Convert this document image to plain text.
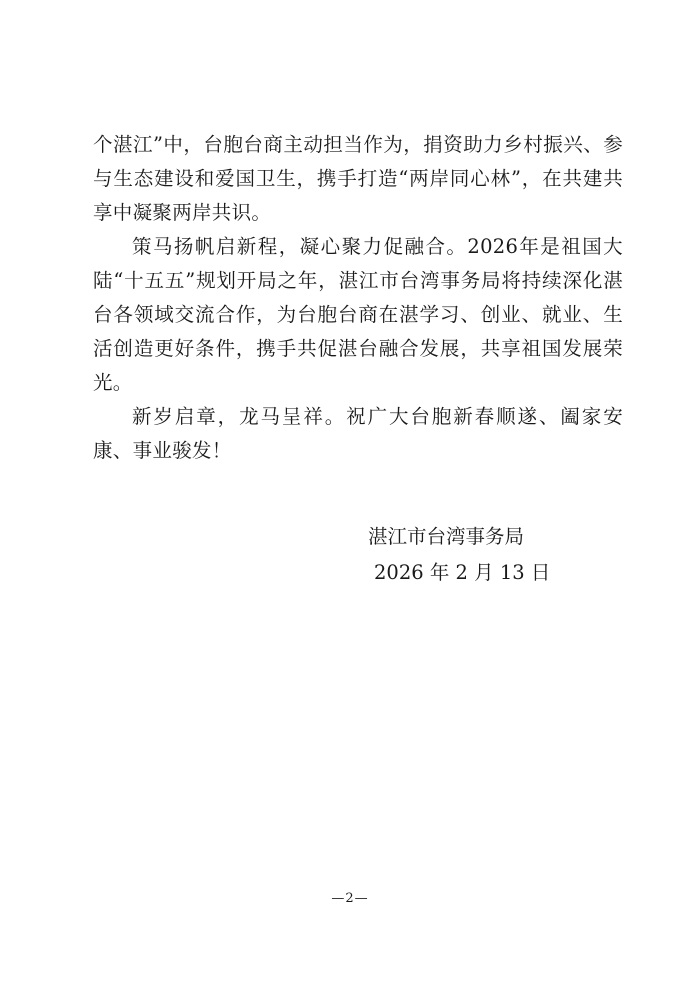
个湛江”中，台胞台商主动担当作为，捐资助力乡村振兴、参与生态建设和爱国卫生，携手打造“两岸同心林”，在共建共享中凝聚两岸共识。

策马扬帆启新程，凝心聚力促融合。2026年是祖国大陆“十五五”规划开局之年，湛江市台湾事务局将持续深化湛台各领域交流合作，为台胞台商在湛学习、创业、就业、生活创造更好条件，携手共促湛台融合发展，共享祖国发展荣光。

新岁启章，龙马呈祥。祝广大台胞新春顺遂、阖家安康、事业骏发！

湛江市台湾事务局
2026 年 2 月 13 日
—2—
